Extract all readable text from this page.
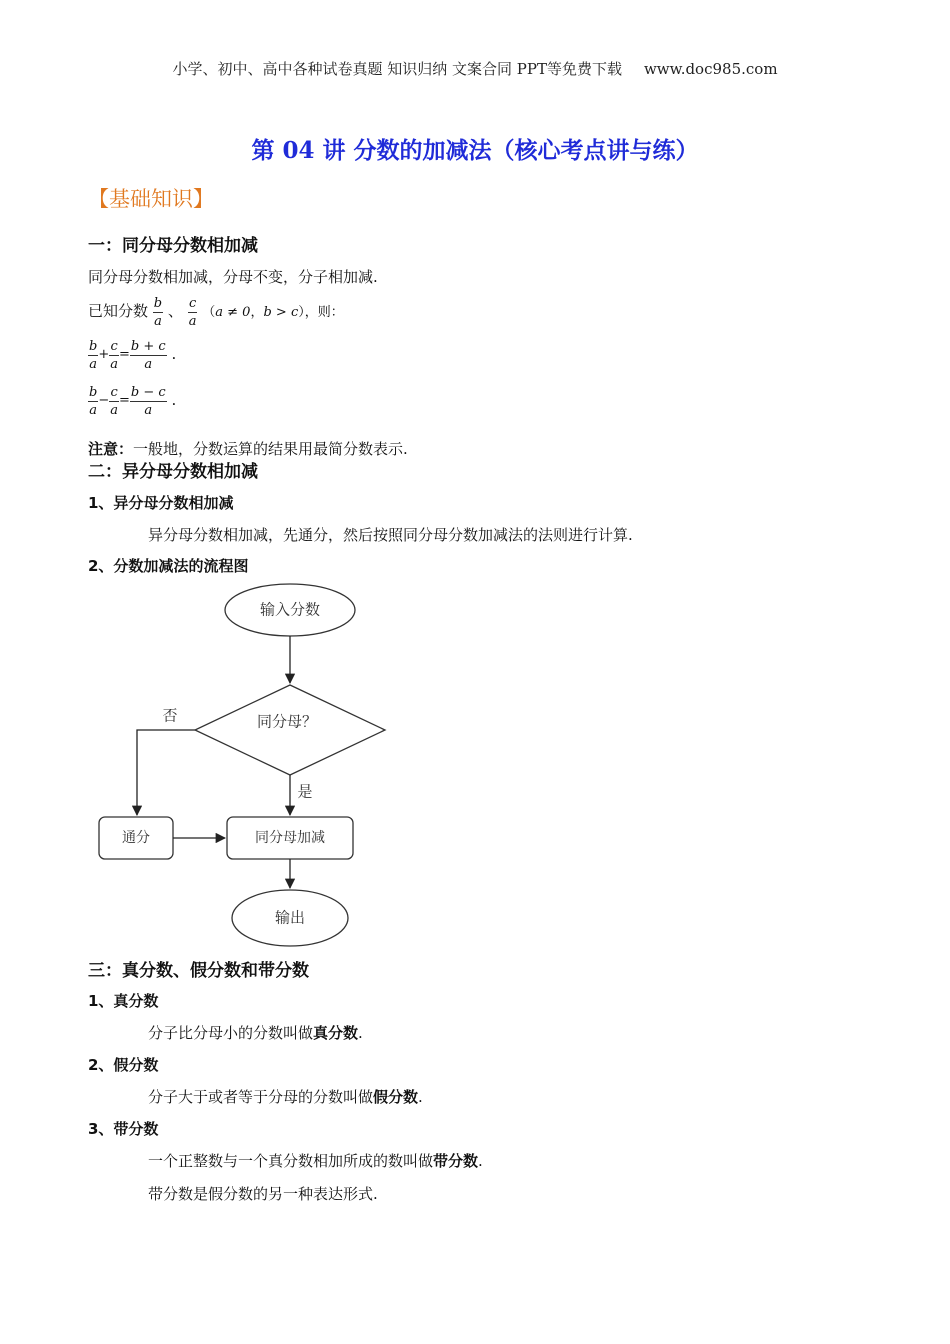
小学、初中、高中各种试卷真题 知识归纳 文案合同 PPT等免费下载 www.doc985.com
第 04 讲 分数的加减法（核心考点讲与练）
【基础知识】
一：同分母分数相加减
同分母分数相加减，分母不变，分子相加减.
已知分数 $\frac{b}{a}$ 、 $\frac{c}{a} (a \ne 0$，b > c），则：
$\frac{b}{a} + \frac{c}{a} = \frac{b + c}{a}$ .
$\frac{b}{a} - \frac{c}{a} = \frac{b - c}{a}$ .
注意：一般地，分数运算的结果用最简分数表示.
二：异分母分数相加减
1、异分母分数相加减
异分母分数相加减，先通分，然后按照同分母分数加减法的法则进行计算.
2、分数加减法的流程图
输入分数
同分母？
否
是
通分	同分母加减
输出
三：真分数、假分数和带分数
1、真分数
分子比分母小的分数叫做真分数.
2、假分数
分子大于或者等于分母的分数叫做假分数.
3、带分数
一个正整数与一个真分数相加所成的数叫做带分数.
带分数是假分数的另一种表达形式.
